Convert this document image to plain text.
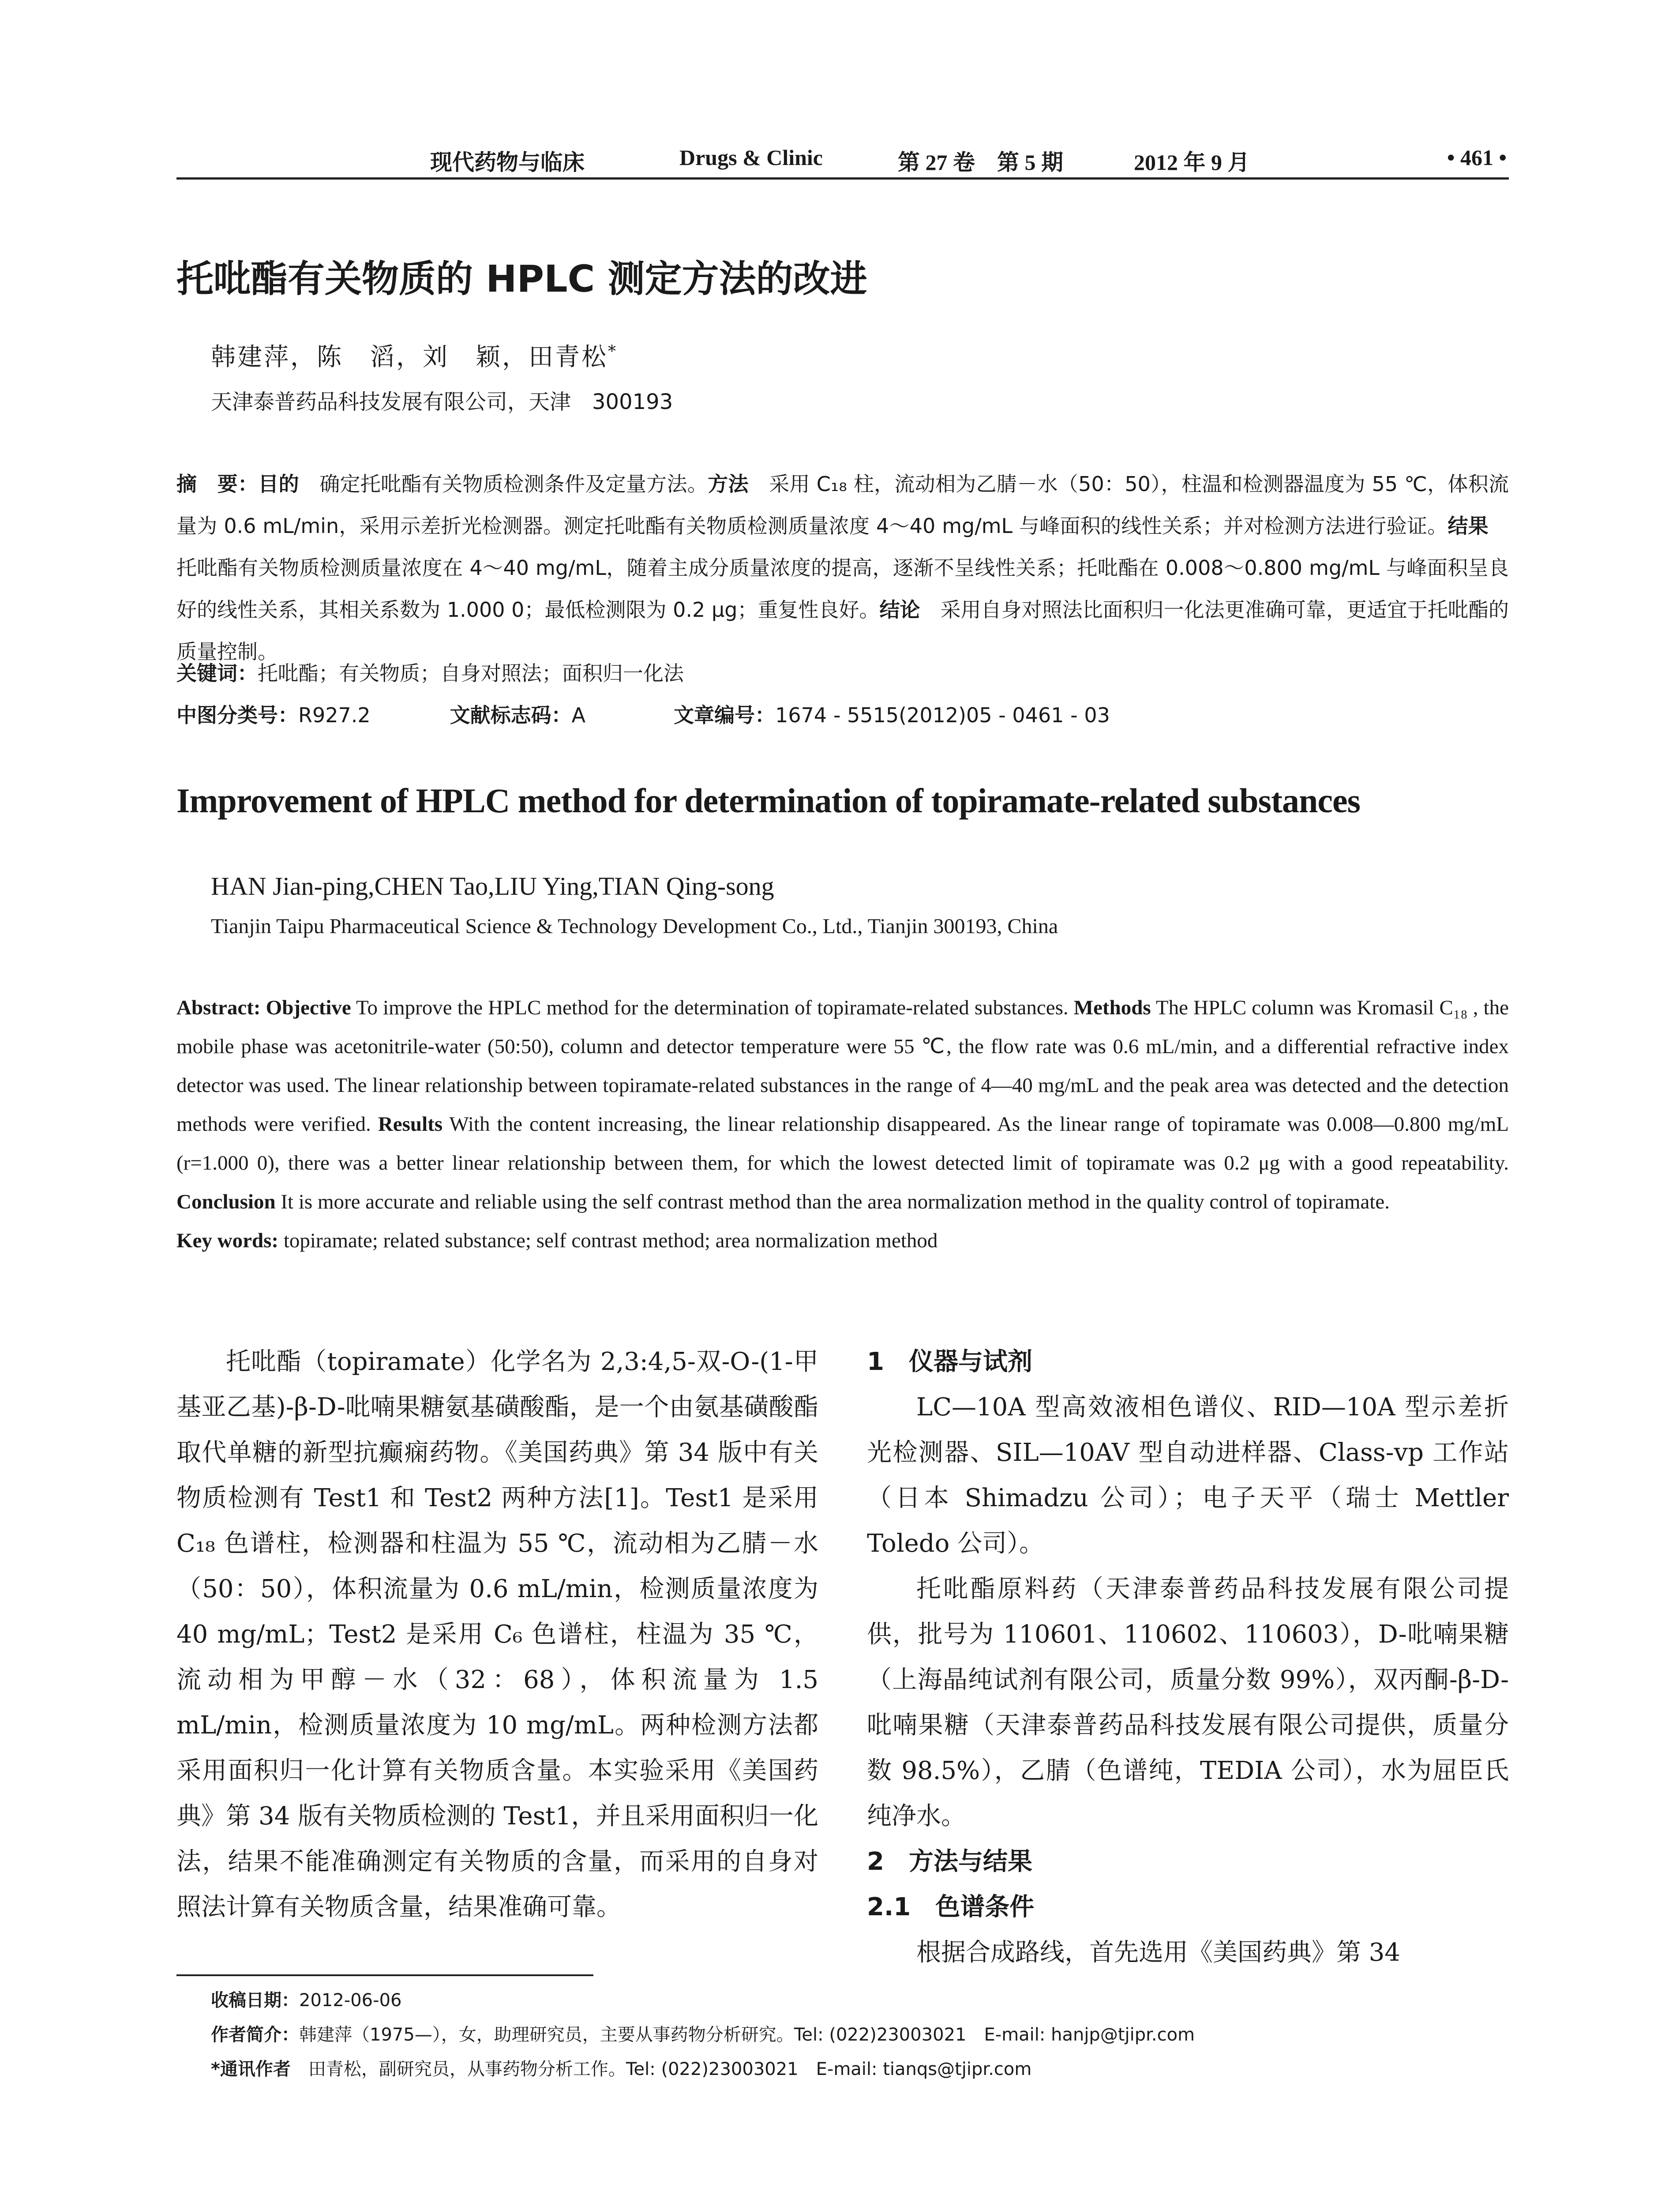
现代药物与临床	Drugs & Clinic	第 27 卷　第 5 期	2012 年 9 月	• 461 •
托吡酯有关物质的 HPLC 测定方法的改进
韩建萍，陈　滔，刘　颖，田青松*
天津泰普药品科技发展有限公司，天津　300193
摘　要：目的　确定托吡酯有关物质检测条件及定量方法。方法　采用 C₁₈ 柱，流动相为乙腈－水（50：50），柱温和检测器温度为 55 ℃，体积流量为 0.6 mL/min，采用示差折光检测器。测定托吡酯有关物质检测质量浓度 4～40 mg/mL 与峰面积的线性关系；并对检测方法进行验证。结果　托吡酯有关物质检测质量浓度在 4～40 mg/mL，随着主成分质量浓度的提高，逐渐不呈线性关系；托吡酯在 0.008～0.800 mg/mL 与峰面积呈良好的线性关系，其相关系数为 1.000 0；最低检测限为 0.2 μg；重复性良好。结论　采用自身对照法比面积归一化法更准确可靠，更适宜于托吡酯的质量控制。
关键词：托吡酯；有关物质；自身对照法；面积归一化法
中图分类号：R927.2	文献标志码：A	文章编号：1674 - 5515(2012)05 - 0461 - 03
Improvement of HPLC method for determination of topiramate-related substances
HAN Jian-ping,CHEN Tao,LIU Ying,TIAN Qing-song
Tianjin Taipu Pharmaceutical Science & Technology Development Co., Ltd., Tianjin 300193, China
Abstract: Objective To improve the HPLC method for the determination of topiramate-related substances. Methods The HPLC column was Kromasil C₁₈ , the mobile phase was acetonitrile-water (50:50), column and detector temperature were 55 ℃, the flow rate was 0.6 mL/min, and a differential refractive index detector was used. The linear relationship between topiramate-related substances in the range of 4—40 mg/mL and the peak area was detected and the detection methods were verified. Results With the content increasing, the linear relationship disappeared. As the linear range of topiramate was 0.008—0.800 mg/mL (r=1.000 0), there was a better linear relationship between them, for which the lowest detected limit of topiramate was 0.2 μg with a good repeatability. Conclusion It is more accurate and reliable using the self contrast method than the area normalization method in the quality control of topiramate.
Key words: topiramate; related substance; self contrast method; area normalization method

托吡酯（topiramate）化学名为 2,3:4,5-双-O-(1-甲基亚乙基)-β-D-吡喃果糖氨基磺酸酯，是一个由氨基磺酸酯取代单糖的新型抗癫痫药物。《美国药典》第 34 版中有关物质检测有 Test1 和 Test2 两种方法[1]。Test1 是采用 C₁₈ 色谱柱，检测器和柱温为 55 ℃，流动相为乙腈－水（50：50），体积流量为 0.6 mL/min，检测质量浓度为 40 mg/mL；Test2 是采用 C₆ 色谱柱，柱温为 35 ℃，流动相为甲醇－水（32：68），体积流量为 1.5 mL/min，检测质量浓度为 10 mg/mL。两种检测方法都采用面积归一化计算有关物质含量。本实验采用《美国药典》第 34 版有关物质检测的 Test1，并且采用面积归一化法，结果不能准确测定有关物质的含量，而采用的自身对照法计算有关物质含量，结果准确可靠。

1　仪器与试剂

LC—10A 型高效液相色谱仪、RID—10A 型示差折光检测器、SIL—10AV 型自动进样器、Class-vp 工作站（日本 Shimadzu 公司）；电子天平（瑞士 Mettler Toledo 公司）。

托吡酯原料药（天津泰普药品科技发展有限公司提供，批号为 110601、110602、110603），D-吡喃果糖（上海晶纯试剂有限公司，质量分数 99%），双丙酮-β-D-吡喃果糖（天津泰普药品科技发展有限公司提供，质量分数 98.5%），乙腈（色谱纯，TEDIA 公司），水为屈臣氏纯净水。

2　方法与结果
2.1　色谱条件

根据合成路线，首先选用《美国药典》第 34

收稿日期：2012-06-06
作者简介：韩建萍（1975—），女，助理研究员，主要从事药物分析研究。Tel: (022)23003021　E-mail: hanjp@tjipr.com
*通讯作者　田青松，副研究员，从事药物分析工作。Tel: (022)23003021　E-mail: tianqs@tjipr.com
